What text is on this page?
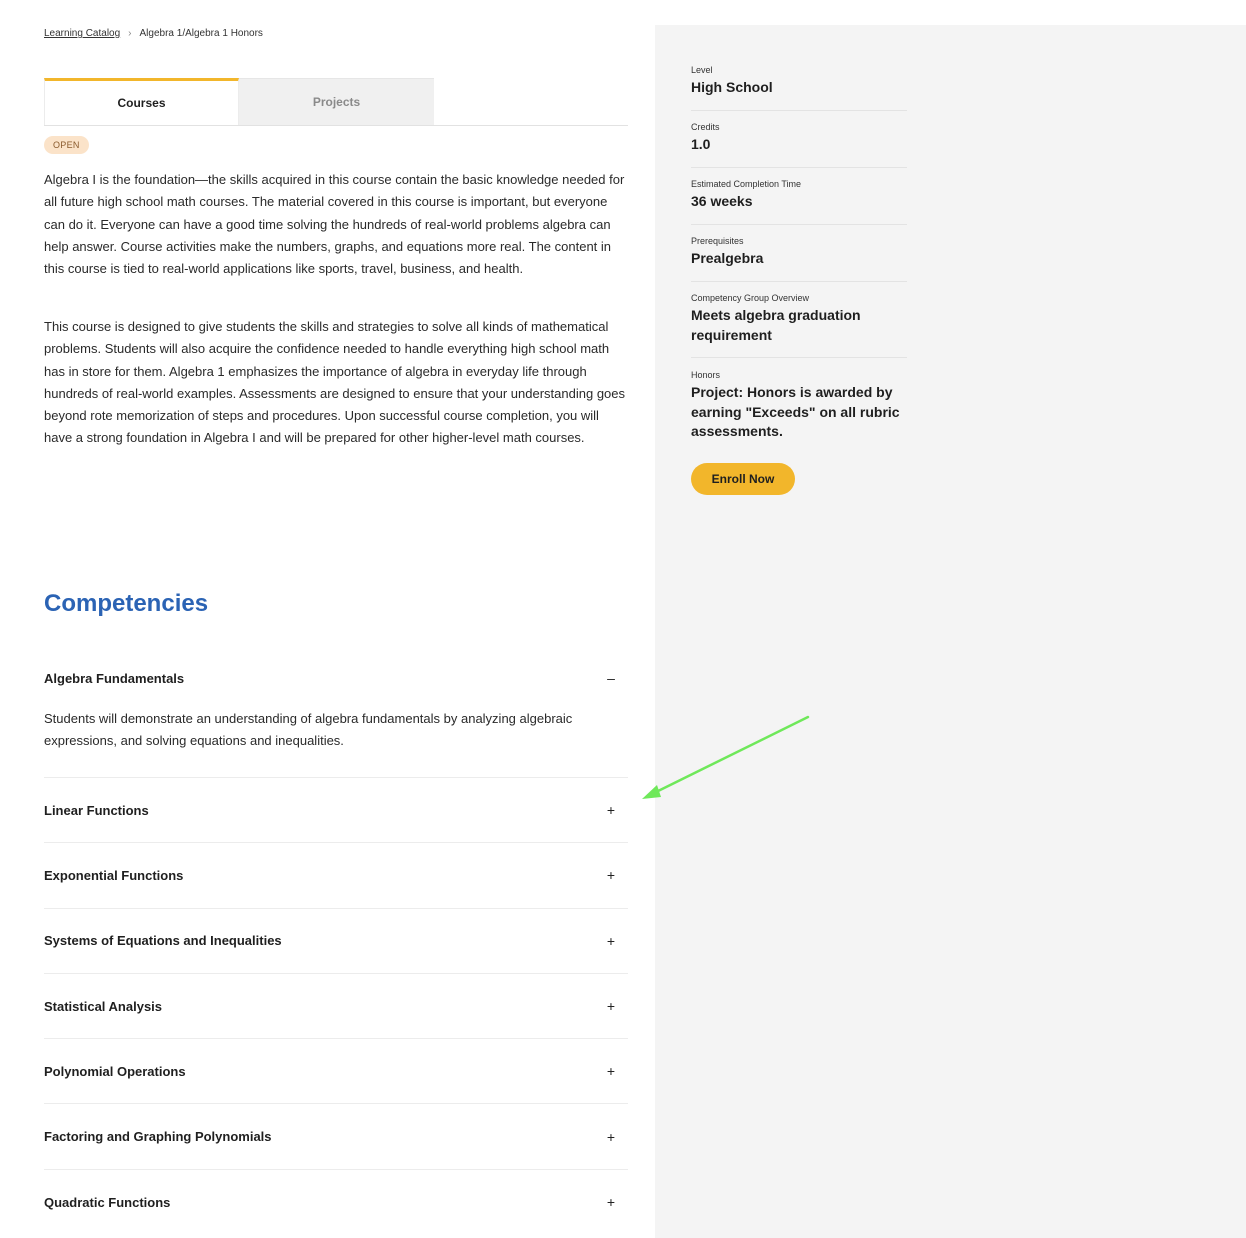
Learning Catalog › Algebra 1/Algebra 1 Honors
Courses	Projects
OPEN

Algebra I is the foundation—the skills acquired in this course contain the basic knowledge needed for all future high school math courses. The material covered in this course is important, but everyone can do it. Everyone can have a good time solving the hundreds of real-world problems algebra can help answer. Course activities make the numbers, graphs, and equations more real. The content in this course is tied to real-world applications like sports, travel, business, and health.

This course is designed to give students the skills and strategies to solve all kinds of mathematical problems. Students will also acquire the confidence needed to handle everything high school math has in store for them. Algebra 1 emphasizes the importance of algebra in everyday life through hundreds of real-world examples. Assessments are designed to ensure that your understanding goes beyond rote memorization of steps and procedures. Upon successful course completion, you will have a strong foundation in Algebra I and will be prepared for other higher-level math courses.

Competencies
Algebra Fundamentals	–

Students will demonstrate an understanding of algebra fundamentals by analyzing algebraic expressions, and solving equations and inequalities.

Linear Functions	+
Exponential Functions	+
Systems of Equations and Inequalities	+
Statistical Analysis	+
Polynomial Operations	+
Factoring and Graphing Polynomials	+
Quadratic Functions	+
Level
High School
Credits
1.0
Estimated Completion Time
36 weeks
Prerequisites
Prealgebra
Competency Group Overview
Meets algebra graduation requirement
Honors
Project: Honors is awarded by earning "Exceeds" on all rubric assessments.
Enroll Now
